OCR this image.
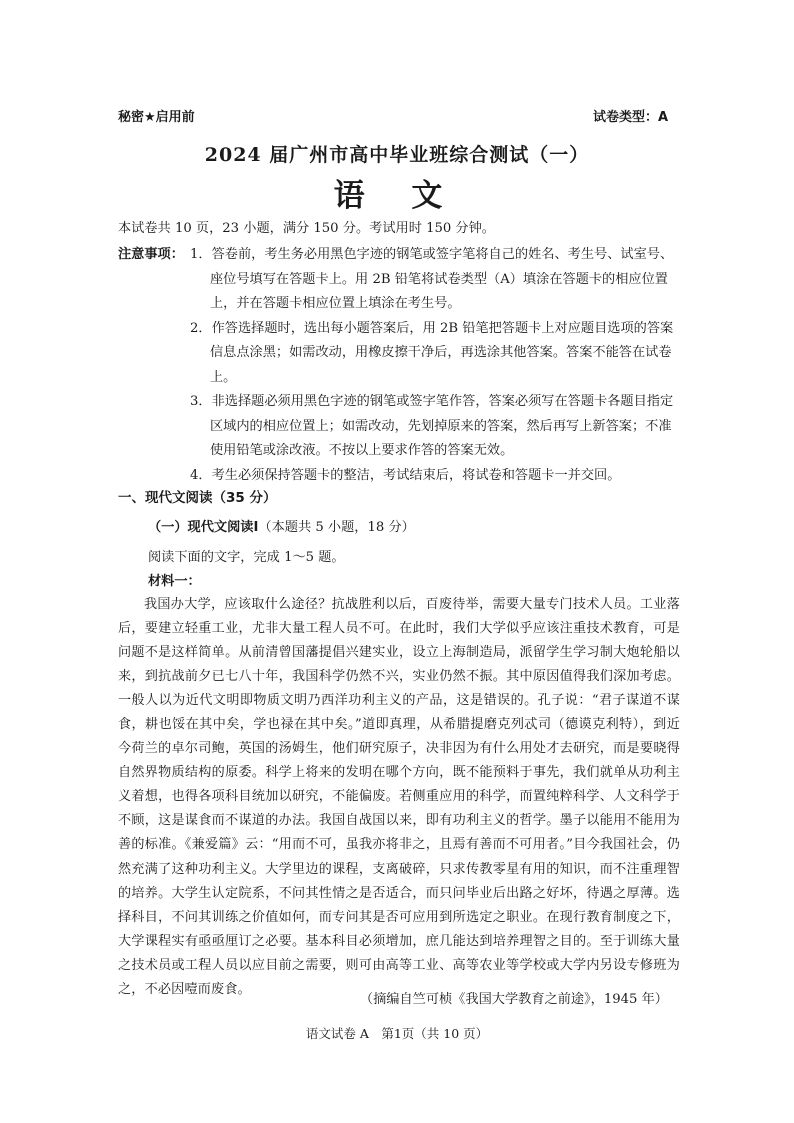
秘密★启用前	试卷类型：A
2024 届广州市高中毕业班综合测试（一）
语 文
本试卷共 10 页，23 小题，满分 150 分。考试用时 150 分钟。
注意事项： 1．答卷前，考生务必用黑色字迹的钢笔或签字笔将自己的姓名、考生号、试室号、座位号填写在答题卡上。用 2B 铅笔将试卷类型（A）填涂在答题卡的相应位置上，并在答题卡相应位置上填涂在考生号。

2．作答选择题时，选出每小题答案后，用 2B 铅笔把答题卡上对应题目选项的答案信息点涂黑；如需改动，用橡皮擦干净后，再选涂其他答案。答案不能答在试卷上。

3．非选择题必须用黑色字迹的钢笔或签字笔作答，答案必须写在答题卡各题目指定区域内的相应位置上；如需改动，先划掉原来的答案，然后再写上新答案；不准使用铅笔或涂改液。不按以上要求作答的答案无效。

4．考生必须保持答题卡的整洁，考试结束后，将试卷和答题卡一并交回。

一、现代文阅读（35 分）
（一）现代文阅读Ⅰ（本题共 5 小题，18 分）
阅读下面的文字，完成 1～5 题。
材料一：

我国办大学，应该取什么途径？抗战胜利以后，百废待举，需要大量专门技术人员。工业落后，要建立轻重工业，尤非大量工程人员不可。在此时，我们大学似乎应该注重技术教育，可是问题不是这样简单。从前清曾国藩提倡兴建实业，设立上海制造局，派留学生学习制大炮轮船以来，到抗战前夕已七八十年，我国科学仍然不兴，实业仍然不振。其中原因值得我们深加考虑。一般人以为近代文明即物质文明乃西洋功利主义的产品，这是错误的。孔子说：“君子谋道不谋食，耕也馁在其中矣，学也禄在其中矣。”道即真理，从希腊提磨克列忒司（德谟克利特），到近今荷兰的卓尔司鲍，英国的汤姆生，他们研究原子，决非因为有什么用处才去研究，而是要晓得自然界物质结构的原委。科学上将来的发明在哪个方向，既不能预料于事先，我们就单从功利主义着想，也得各项科目统加以研究，不能偏废。若侧重应用的科学，而置纯粹科学、人文科学于不顾，这是谋食而不谋道的办法。我国自战国以来，即有功利主义的哲学。墨子以能用不能用为善的标准。《兼爱篇》云：“用而不可，虽我亦将非之，且焉有善而不可用者。”目今我国社会，仍然充满了这种功利主义。大学里边的课程，支离破碎，只求传教零星有用的知识，而不注重理智的培养。大学生认定院系，不问其性情之是否适合，而只问毕业后出路之好坏，待遇之厚薄。选择科目，不问其训练之价值如何，而专问其是否可应用到所选定之职业。在现行教育制度之下，大学课程实有亟亟厘订之必要。基本科目必须增加，庶几能达到培养理智之目的。至于训练大量之技术员或工程人员以应目前之需要，则可由高等工业、高等农业等学校或大学内另设专修班为之，不必因噎而废食。

（摘编自竺可桢《我国大学教育之前途》，1945 年）
语文试卷 A　第1页（共 10 页）
